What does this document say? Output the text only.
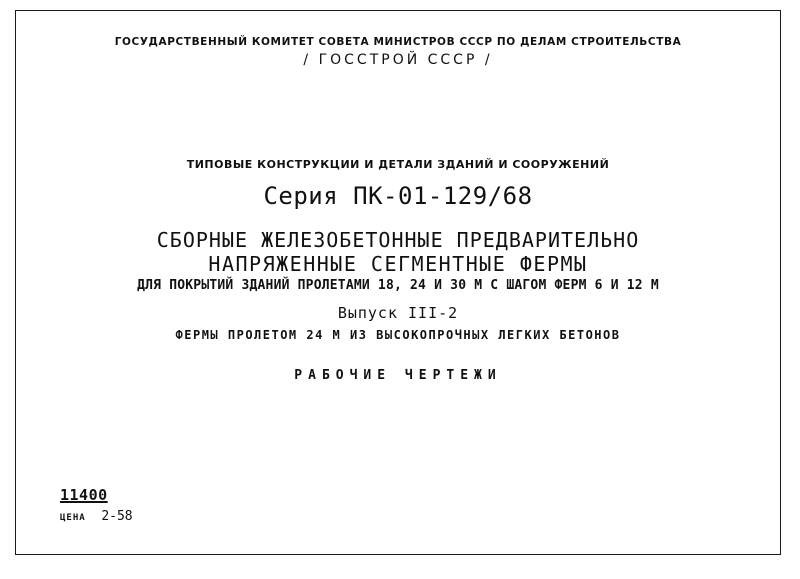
ГОСУДАРСТВЕННЫЙ КОМИТЕТ СОВЕТА МИНИСТРОВ СССР ПО ДЕЛАМ СТРОИТЕЛЬСТВА
/ ГОССТРОЙ СССР /
ТИПОВЫЕ КОНСТРУКЦИИ И ДЕТАЛИ ЗДАНИЙ И СООРУЖЕНИЙ
Серия ПК-01-129/68
СБОРНЫЕ ЖЕЛЕЗОБЕТОННЫЕ ПРЕДВАРИТЕЛЬНО
НАПРЯЖЕННЫЕ СЕГМЕНТНЫЕ ФЕРМЫ
ДЛЯ ПОКРЫТИЙ ЗДАНИЙ ПРОЛЕТАМИ 18, 24 И 30 М С ШАГОМ ФЕРМ 6 И 12 М
Выпуск III-2
ФЕРМЫ ПРОЛЕТОМ 24 М ИЗ ВЫСОКОПРОЧНЫХ ЛЕГКИХ БЕТОНОВ
РАБОЧИЕ ЧЕРТЕЖИ
11400
ЦЕНА 2-58
